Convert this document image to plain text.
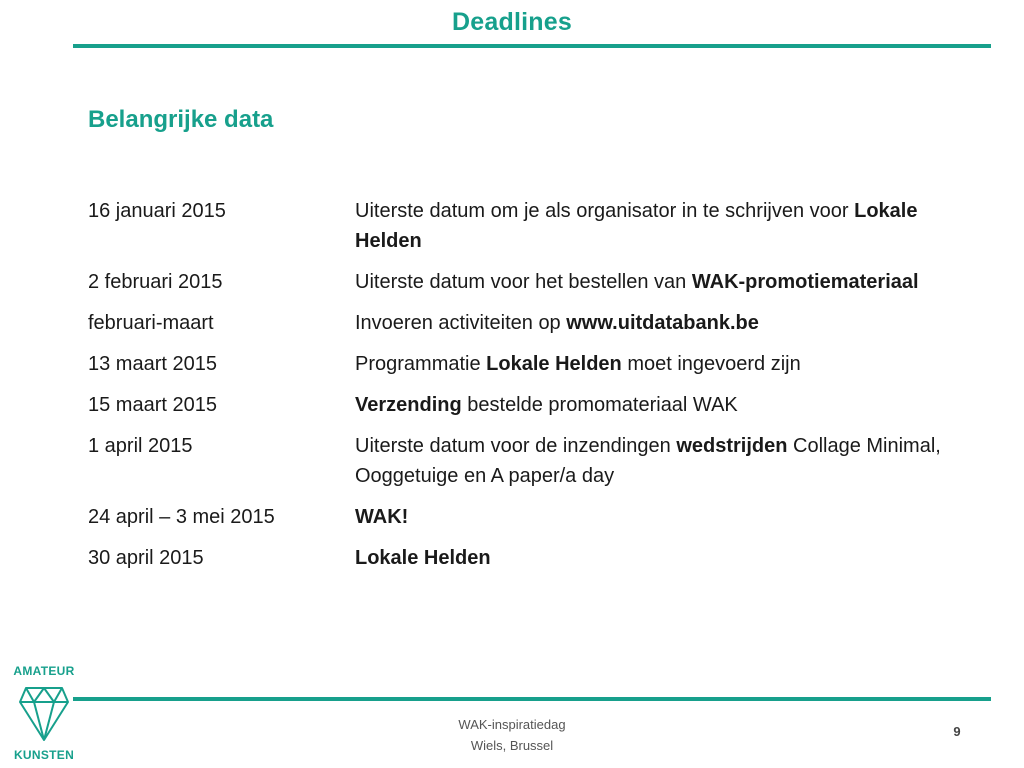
Deadlines
Belangrijke data
16 januari 2015	Uiterste datum om je als organisator in te schrijven voor Lokale Helden
2 februari 2015	Uiterste datum voor het bestellen van WAK-promotiemateriaal
februari-maart	Invoeren activiteiten op www.uitdatabank.be
13 maart 2015	Programmatie Lokale Helden moet ingevoerd zijn
15 maart 2015	Verzending bestelde promomateriaal WAK
1 april 2015	Uiterste datum voor de inzendingen wedstrijden Collage Minimal, Ooggetuige en A paper/a day
24 april – 3 mei 2015	WAK!
30 april 2015	Lokale Helden
AMATEUR
KUNSTEN
WAK-inspiratiedag
Wiels, Brussel
9
